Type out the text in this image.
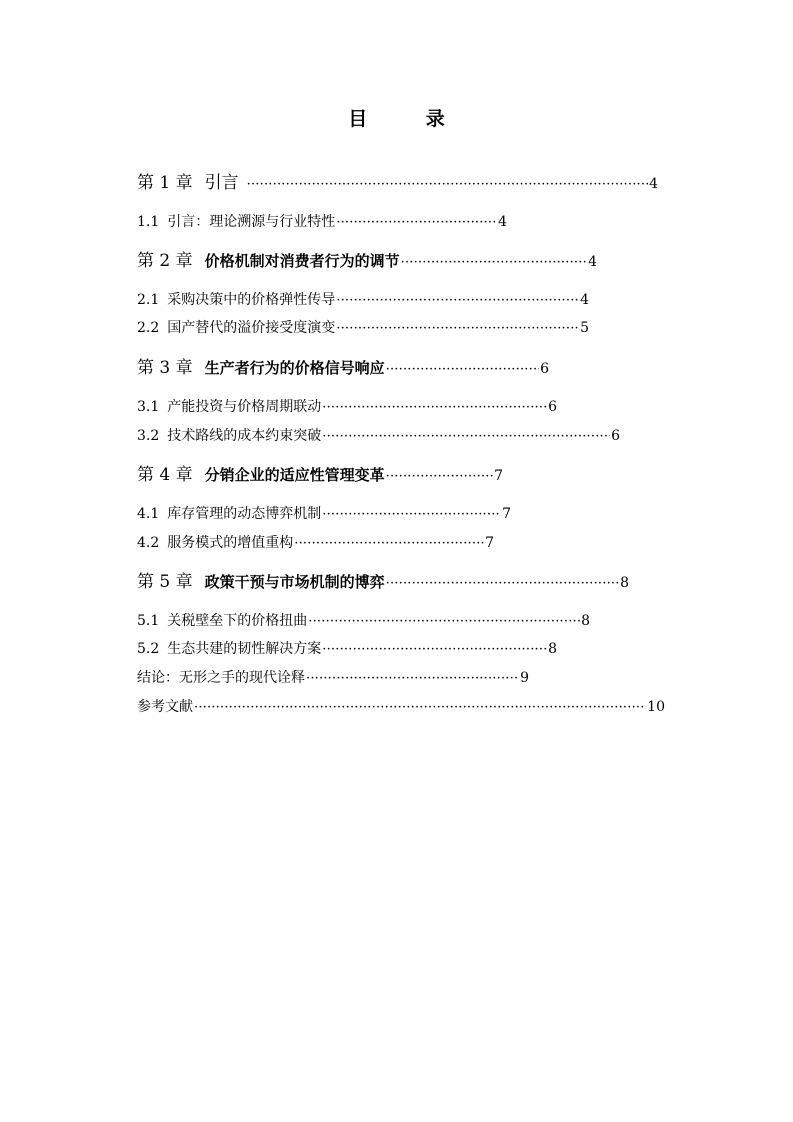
目 录
第 1 章 引言 ·····	4
1.1 引言：理论溯源与行业特性 ·····	4
第 2 章 价格机制对消费者行为的调节 ·····	4
2.1 采购决策中的价格弹性传导 ·····	4
2.2 国产替代的溢价接受度演变 ·····	5
第 3 章 生产者行为的价格信号响应 ·····	6
3.1 产能投资与价格周期联动 ·····	6
3.2 技术路线的成本约束突破 ·····	6
第 4 章 分销企业的适应性管理变革 ·····	7
4.1 库存管理的动态博弈机制 ·····	7
4.2 服务模式的增值重构 ·····	7
第 5 章 政策干预与市场机制的博弈 ·····	8
5.1 关税壁垒下的价格扭曲 ·····	8
5.2 生态共建的韧性解决方案 ·····	8
结论：无形之手的现代诠释 ·····	9
参考文献 ·····	10
